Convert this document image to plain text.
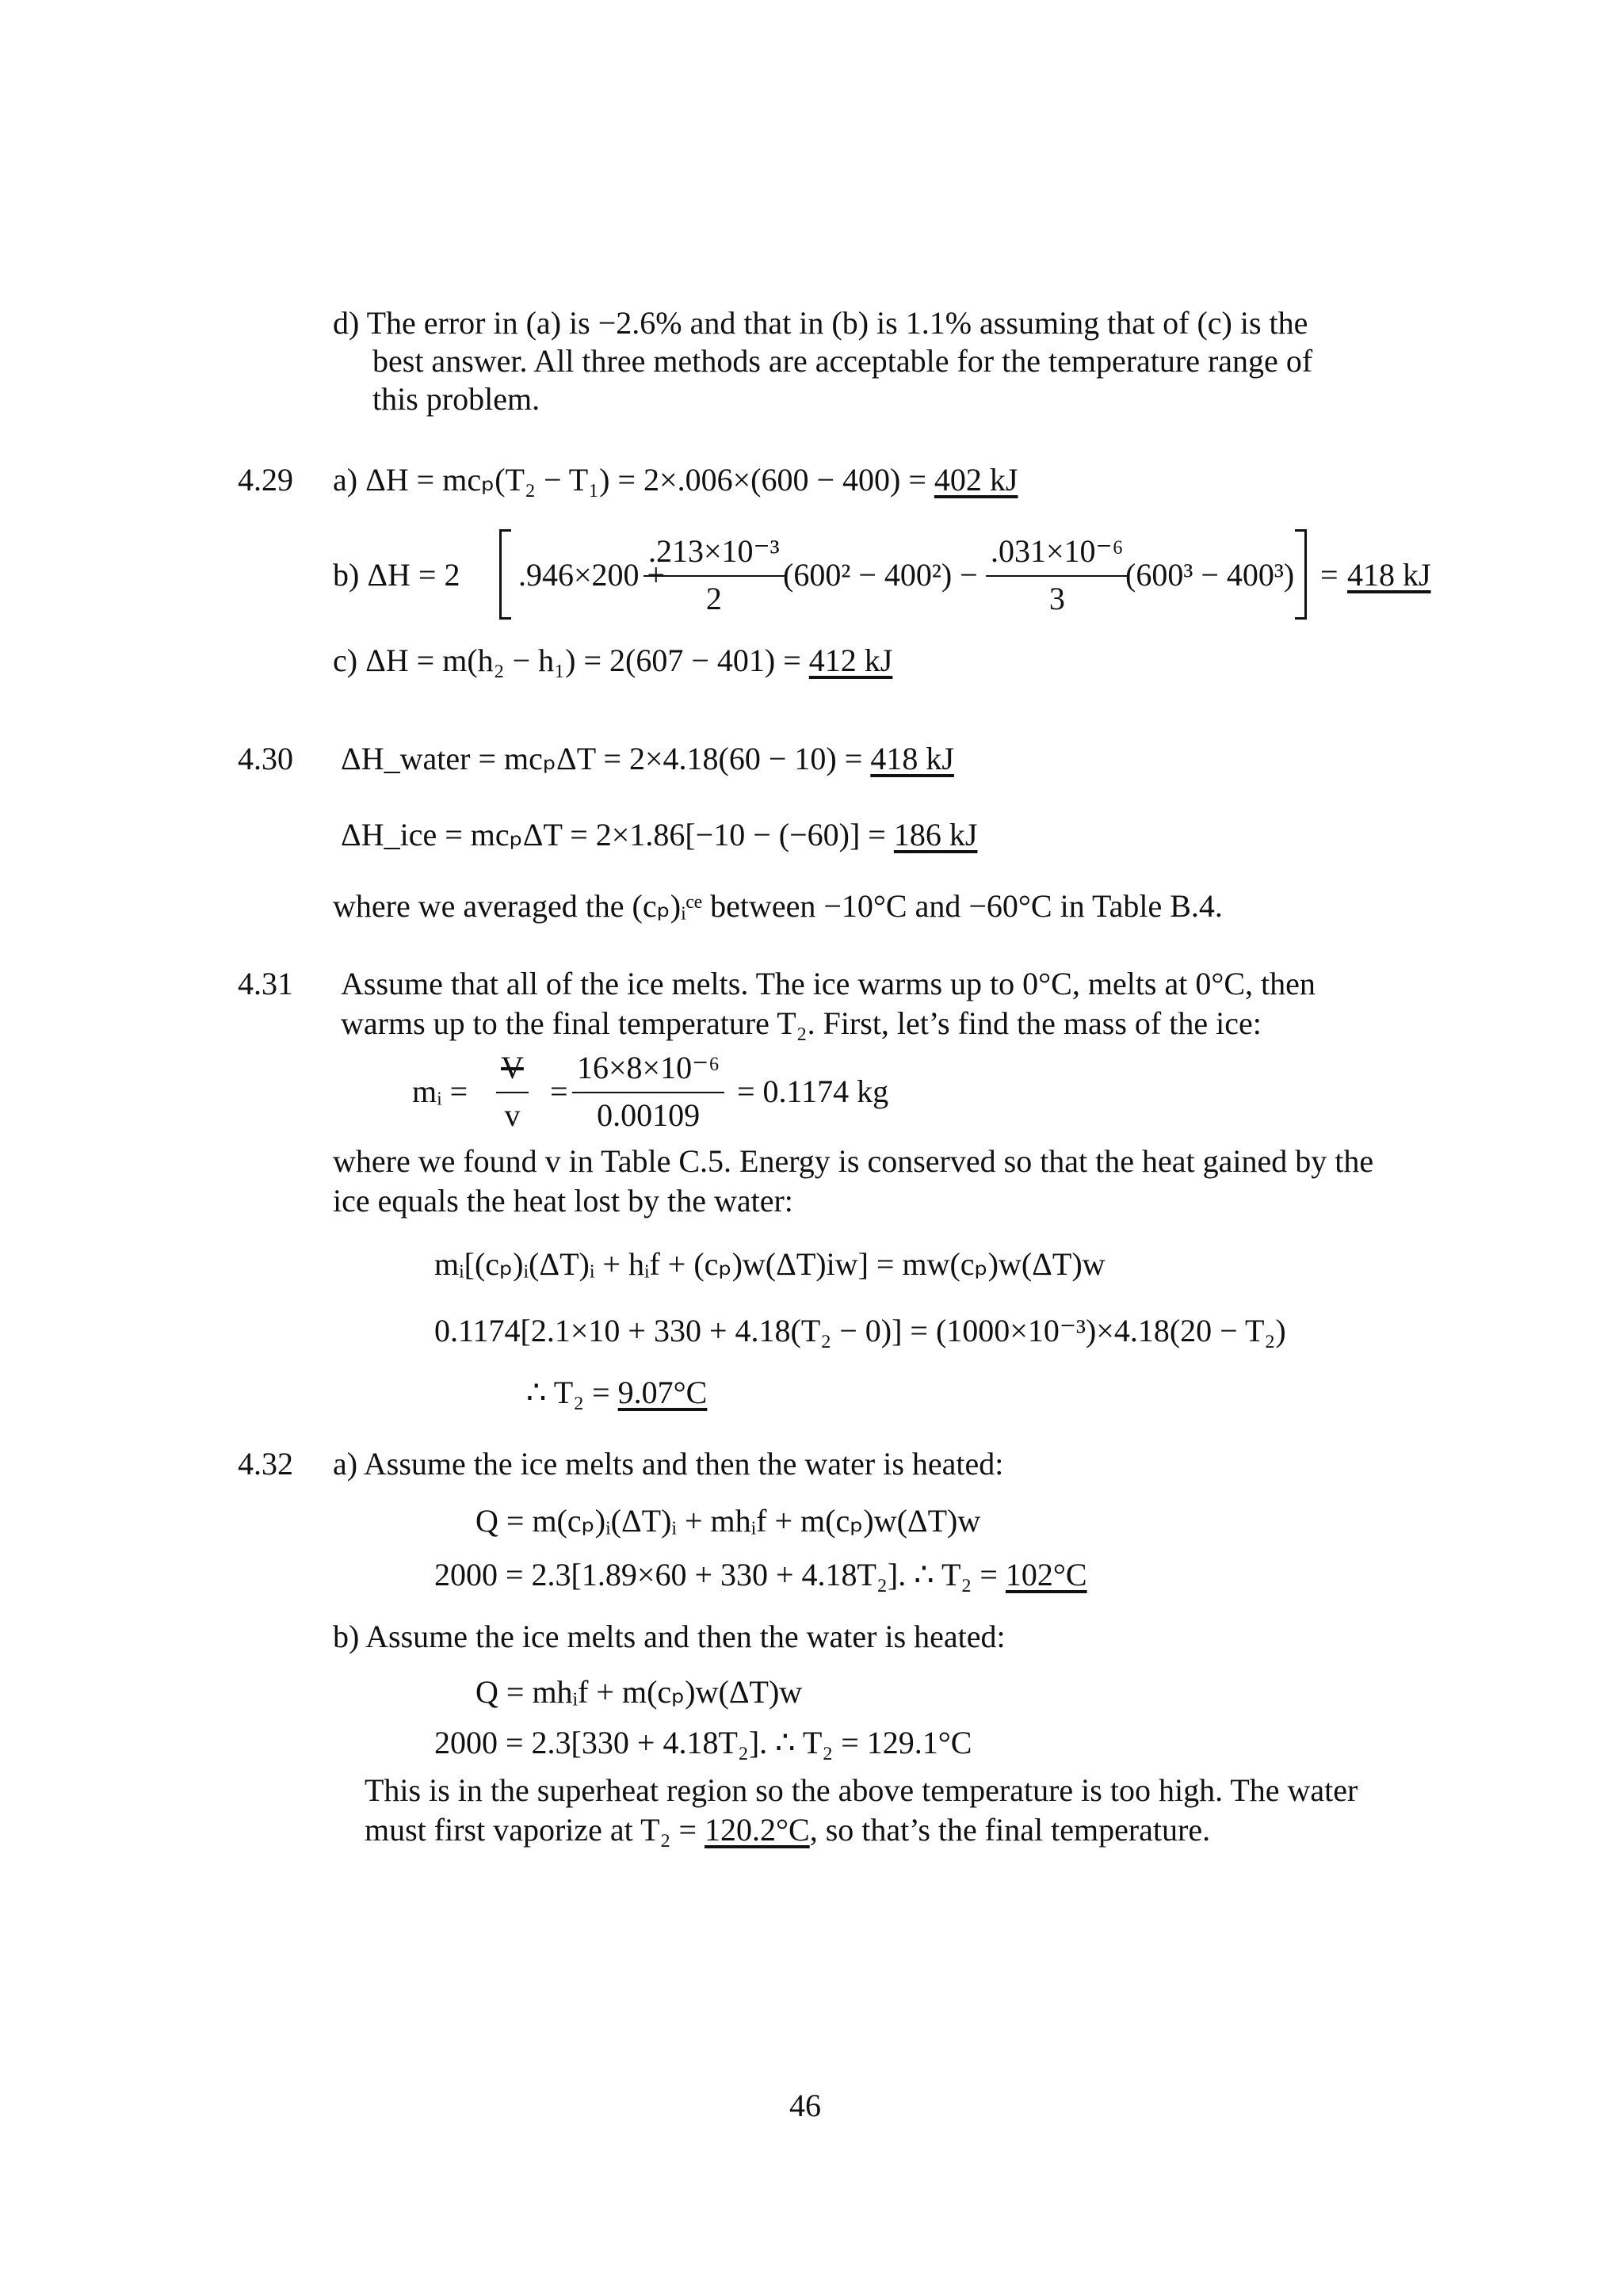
d) The error in (a) is −2.6% and that in (b) is 1.1% assuming that of (c) is the
best answer. All three methods are acceptable for the temperature range of
this problem.
4.29 a) ΔH = mcₚ(T₂ − T₁) = 2×.006×(600 − 400) = 402 kJ
b) ΔH = 2 .946×200 +
$\frac{\text{.213×10⁻³}}{2}$
$(600^2 - 400^2) - \frac{\text{.031×10⁻⁶}}{3}$
(600³ − 400³) = 418 kJ
c) ΔH = m(h₂ − h₁) = 2(607 − 401) = 412 kJ
4.30 ΔH_water = mcₚΔT = 2×4.18(60 − 10) = 418 kJ
ΔH_ice = mcₚΔT = 2×1.86[−10 − (−60)] = 186 kJ
where we averaged the (cₚ)ᵢᶜᵉ between −10°C and −60°C in Table B.4.
4.31 Assume that all of the ice melts. The ice warms up to 0°C, melts at 0°C, then
warms up to the final temperature T₂. First, let’s find the mass of the ice:
mᵢ = $\frac{V}{v} = \frac{\text{16×8×10⁻⁶}}{0.00109} = 0.1174$ kg
where we found v in Table C.5. Energy is conserved so that the heat gained by the
ice equals the heat lost by the water:
mᵢ[(cₚ)ᵢ(ΔT)ᵢ + hᵢf + (cₚ)w(ΔT)iw] = mw(cₚ)w(ΔT)w
0.1174[2.1×10 + 330 + 4.18(T₂ − 0)] = (1000×10⁻³)×4.18(20 − T₂)
∴ T₂ = 9.07°C
4.32 a) Assume the ice melts and then the water is heated:
Q = m(cₚ)ᵢ(ΔT)ᵢ + mhᵢf + m(cₚ)w(ΔT)w
2000 = 2.3[1.89×60 + 330 + 4.18T₂]. ∴ T₂ = 102°C
b) Assume the ice melts and then the water is heated:
Q = mhᵢf + m(cₚ)w(ΔT)w
2000 = 2.3[330 + 4.18T₂]. ∴ T₂ = 129.1°C
This is in the superheat region so the above temperature is too high. The water
must first vaporize at T₂ = 120.2°C, so that’s the final temperature.
46
